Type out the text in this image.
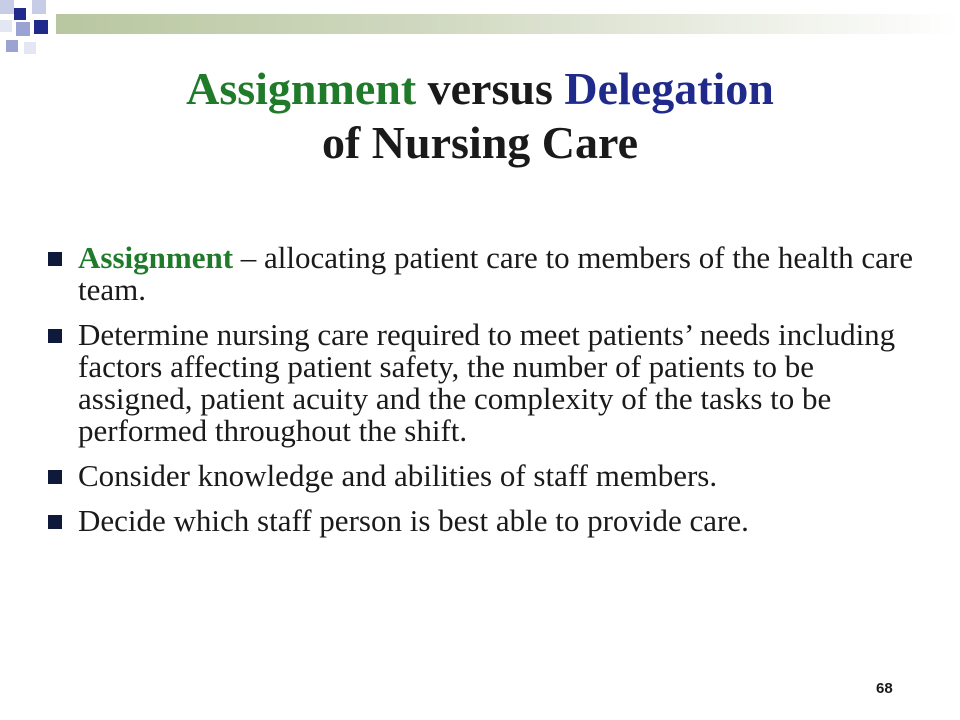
Assignment versus Delegation
of Nursing Care
Assignment – allocating patient care to members of the health care team.
Determine nursing care required to meet patients’ needs including factors affecting patient safety, the number of patients to be assigned, patient acuity and the complexity of the tasks to be performed throughout the shift.
Consider knowledge and abilities of staff members.
Decide which staff person is best able to provide care.
68
